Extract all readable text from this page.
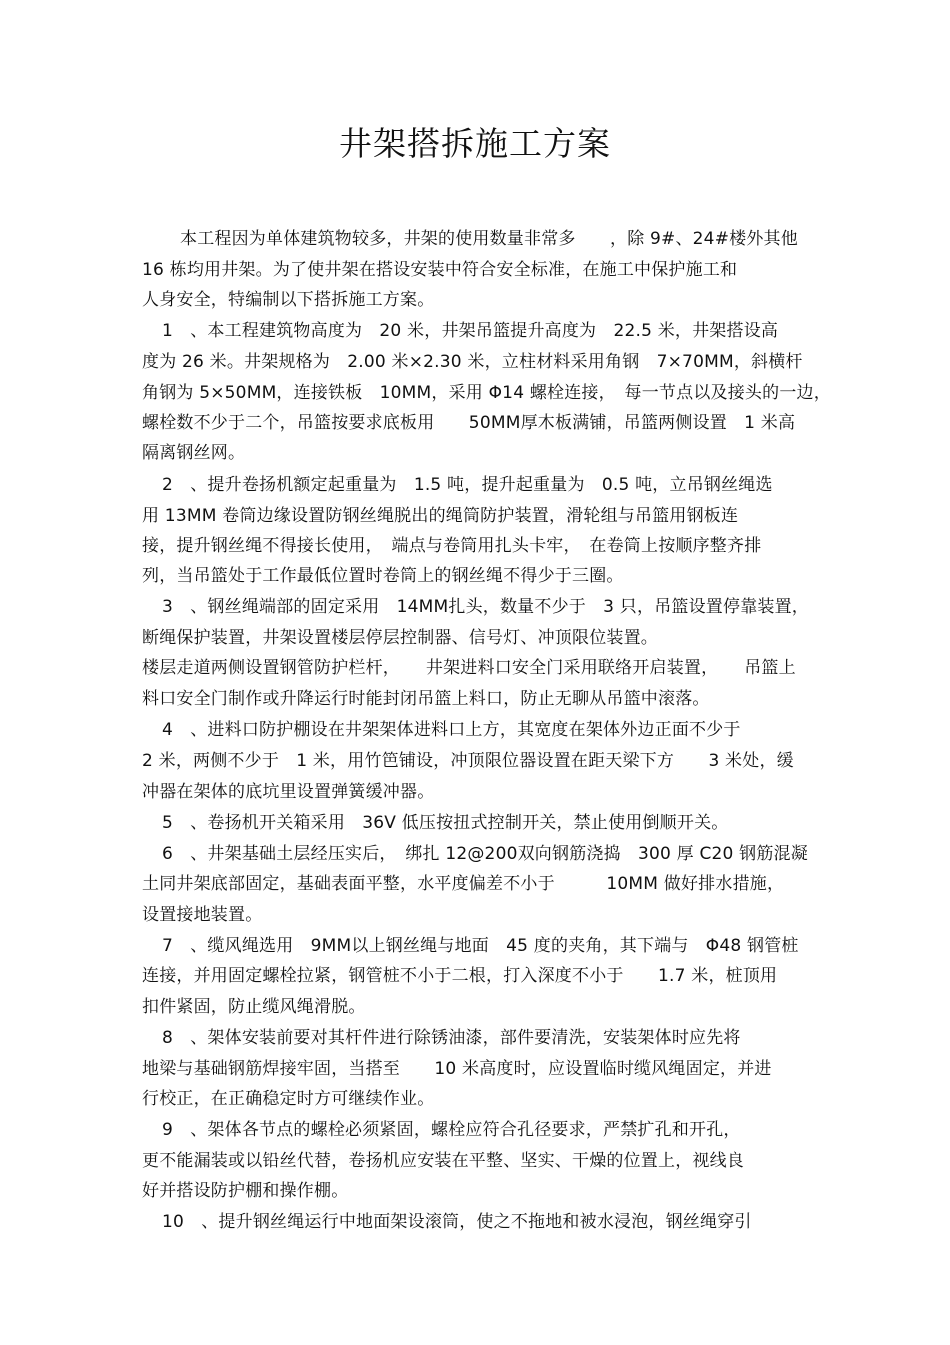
井架搭拆施工方案
本工程因为单体建筑物较多，井架的使用数量非常多　　，除 9#、24#楼外其他
16 栋均用井架。为了使井架在搭设安装中符合安全标准，在施工中保护施工和
人身安全，特编制以下搭拆施工方案。
1　、本工程建筑物高度为　20 米，井架吊篮提升高度为　22.5 米，井架搭设高
度为 26 米。井架规格为　2.00 米×2.30 米，立柱材料采用角钢　7×70MM，斜横杆
角钢为 5×50MM，连接铁板　10MM，采用 Φ14 螺栓连接，　每一节点以及接头的一边，
螺栓数不少于二个，吊篮按要求底板用　　50MM厚木板满铺，吊篮两侧设置　1 米高
隔离钢丝网。
2　、提升卷扬机额定起重量为　1.5 吨，提升起重量为　0.5 吨，立吊钢丝绳选
用 13MM 卷筒边缘设置防钢丝绳脱出的绳筒防护装置，滑轮组与吊篮用钢板连
接，提升钢丝绳不得接长使用，　端点与卷筒用扎头卡牢，　在卷筒上按顺序整齐排
列，当吊篮处于工作最低位置时卷筒上的钢丝绳不得少于三圈。
3　、钢丝绳端部的固定采用　14MM扎头，数量不少于　3 只，吊篮设置停靠装置，
断绳保护装置，井架设置楼层停层控制器、信号灯、冲顶限位装置。
楼层走道两侧设置钢管防护栏杆，　　井架进料口安全门采用联络开启装置，　　吊篮上
料口安全门制作或升降运行时能封闭吊篮上料口，防止无聊从吊篮中滚落。
4　、进料口防护棚设在井架架体进料口上方，其宽度在架体外边正面不少于
2 米，两侧不少于　1 米，用竹笆铺设，冲顶限位器设置在距天梁下方　　3 米处，缓
冲器在架体的底坑里设置弹簧缓冲器。
5　、卷扬机开关箱采用　36V 低压按扭式控制开关，禁止使用倒顺开关。
6　、井架基础土层经压实后，　绑扎 12@200双向钢筋浇捣　300 厚 C20 钢筋混凝
土同井架底部固定，基础表面平整，水平度偏差不小于　　　10MM 做好排水措施，
设置接地装置。
7　、缆风绳选用　9MM以上钢丝绳与地面　45 度的夹角，其下端与　Φ48 钢管桩
连接，并用固定螺栓拉紧，钢管桩不小于二根，打入深度不小于　　1.7 米，桩顶用
扣件紧固，防止缆风绳滑脱。
8　、架体安装前要对其杆件进行除锈油漆，部件要清洗，安装架体时应先将
地梁与基础钢筋焊接牢固，当搭至　　10 米高度时，应设置临时缆风绳固定，并进
行校正，在正确稳定时方可继续作业。
9　、架体各节点的螺栓必须紧固，螺栓应符合孔径要求，严禁扩孔和开孔，
更不能漏装或以铅丝代替，卷扬机应安装在平整、坚实、干燥的位置上，视线良
好并搭设防护棚和操作棚。
10　、提升钢丝绳运行中地面架设滚筒，使之不拖地和被水浸泡，钢丝绳穿引
